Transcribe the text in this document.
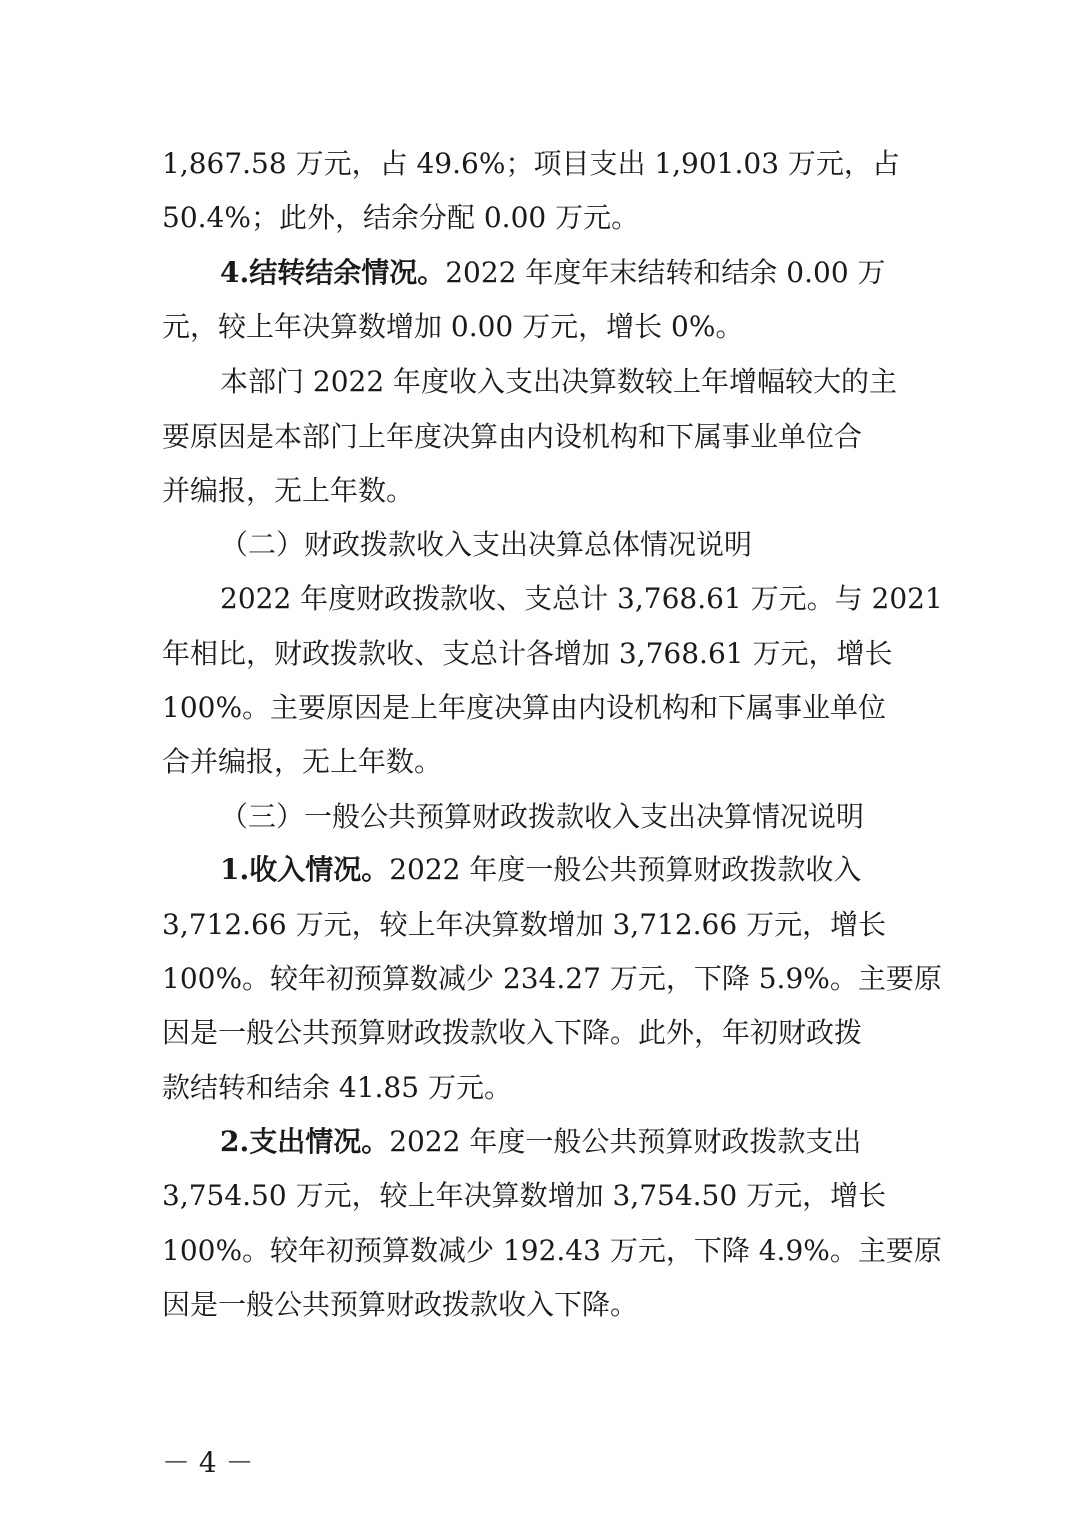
1,867.58 万元，占 49.6%；项目支出 1,901.03 万元，占
50.4%；此外，结余分配 0.00 万元。
4.结转结余情况。2022 年度年末结转和结余 0.00 万
元，较上年决算数增加 0.00 万元，增长 0%。
本部门 2022 年度收入支出决算数较上年增幅较大的主
要原因是本部门上年度决算由内设机构和下属事业单位合
并编报，无上年数。
（二）财政拨款收入支出决算总体情况说明
2022 年度财政拨款收、支总计 3,768.61 万元。与 2021
年相比，财政拨款收、支总计各增加 3,768.61 万元，增长
100%。主要原因是上年度决算由内设机构和下属事业单位
合并编报，无上年数。
（三）一般公共预算财政拨款收入支出决算情况说明
1.收入情况。2022 年度一般公共预算财政拨款收入
3,712.66 万元，较上年决算数增加 3,712.66 万元，增长
100%。较年初预算数减少 234.27 万元，下降 5.9%。主要原
因是一般公共预算财政拨款收入下降。此外，年初财政拨
款结转和结余 41.85 万元。
2.支出情况。2022 年度一般公共预算财政拨款支出
3,754.50 万元，较上年决算数增加 3,754.50 万元，增长
100%。较年初预算数减少 192.43 万元，下降 4.9%。主要原
因是一般公共预算财政拨款收入下降。
－ 4 －
